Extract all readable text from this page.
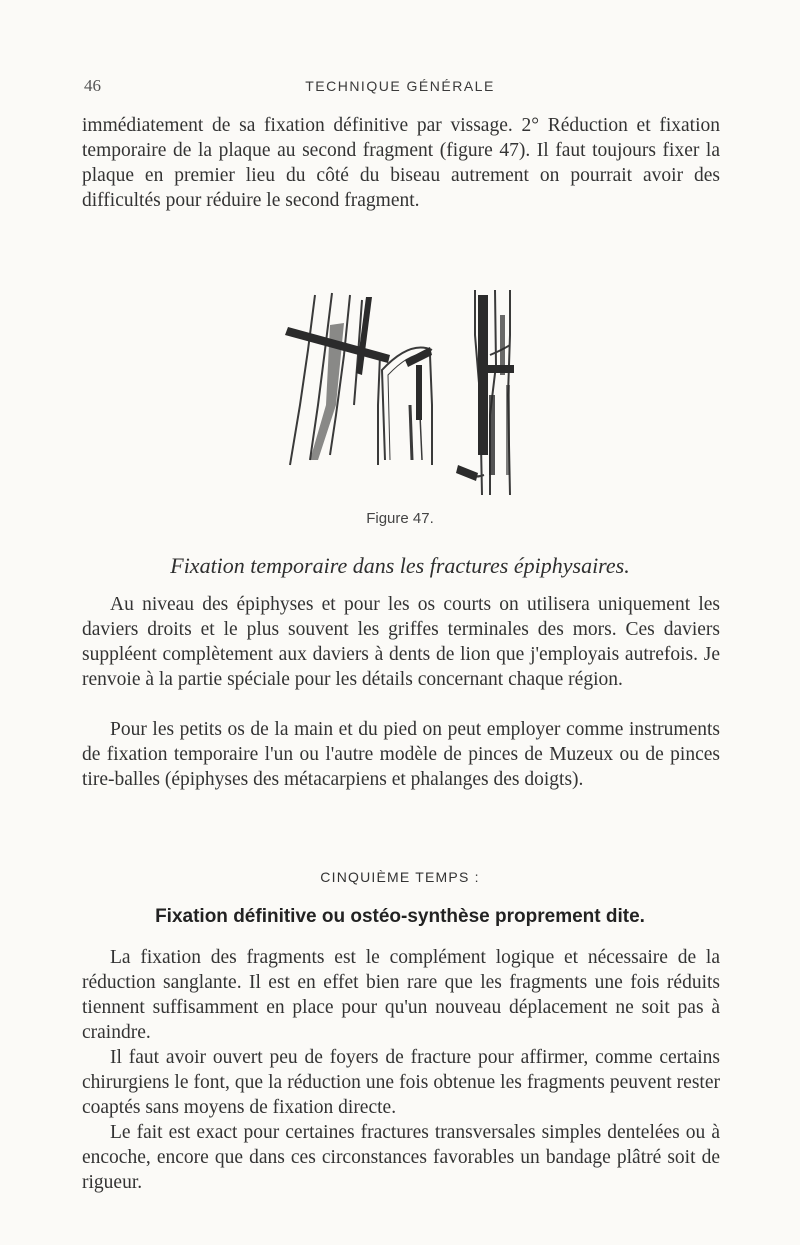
46	TECHNIQUE GÉNÉRALE

immédiatement de sa fixation définitive par vissage. 2° Réduction et fixation temporaire de la plaque au second fragment (figure 47). Il faut toujours fixer la plaque en premier lieu du côté du biseau autrement on pourrait avoir des difficultés pour réduire le second fragment.

Figure 47.
Fixation temporaire dans les fractures épiphysaires.

Au niveau des épiphyses et pour les os courts on utilisera uniquement les daviers droits et le plus souvent les griffes terminales des mors. Ces daviers suppléent complètement aux daviers à dents de lion que j'employais autrefois. Je renvoie à la partie spéciale pour les détails concernant chaque région.

Pour les petits os de la main et du pied on peut employer comme instruments de fixation temporaire l'un ou l'autre modèle de pinces de Muzeux ou de pinces tire-balles (épiphyses des métacarpiens et phalanges des doigts).

CINQUIÈME TEMPS :
Fixation définitive ou ostéo-synthèse proprement dite.

La fixation des fragments est le complément logique et nécessaire de la réduction sanglante. Il est en effet bien rare que les fragments une fois réduits tiennent suffisamment en place pour qu'un nouveau déplacement ne soit pas à craindre.

Il faut avoir ouvert peu de foyers de fracture pour affirmer, comme certains chirurgiens le font, que la réduction une fois obtenue les fragments peuvent rester coaptés sans moyens de fixation directe.

Le fait est exact pour certaines fractures transversales simples dentelées ou à encoche, encore que dans ces circonstances favorables un bandage plâtré soit de rigueur.
